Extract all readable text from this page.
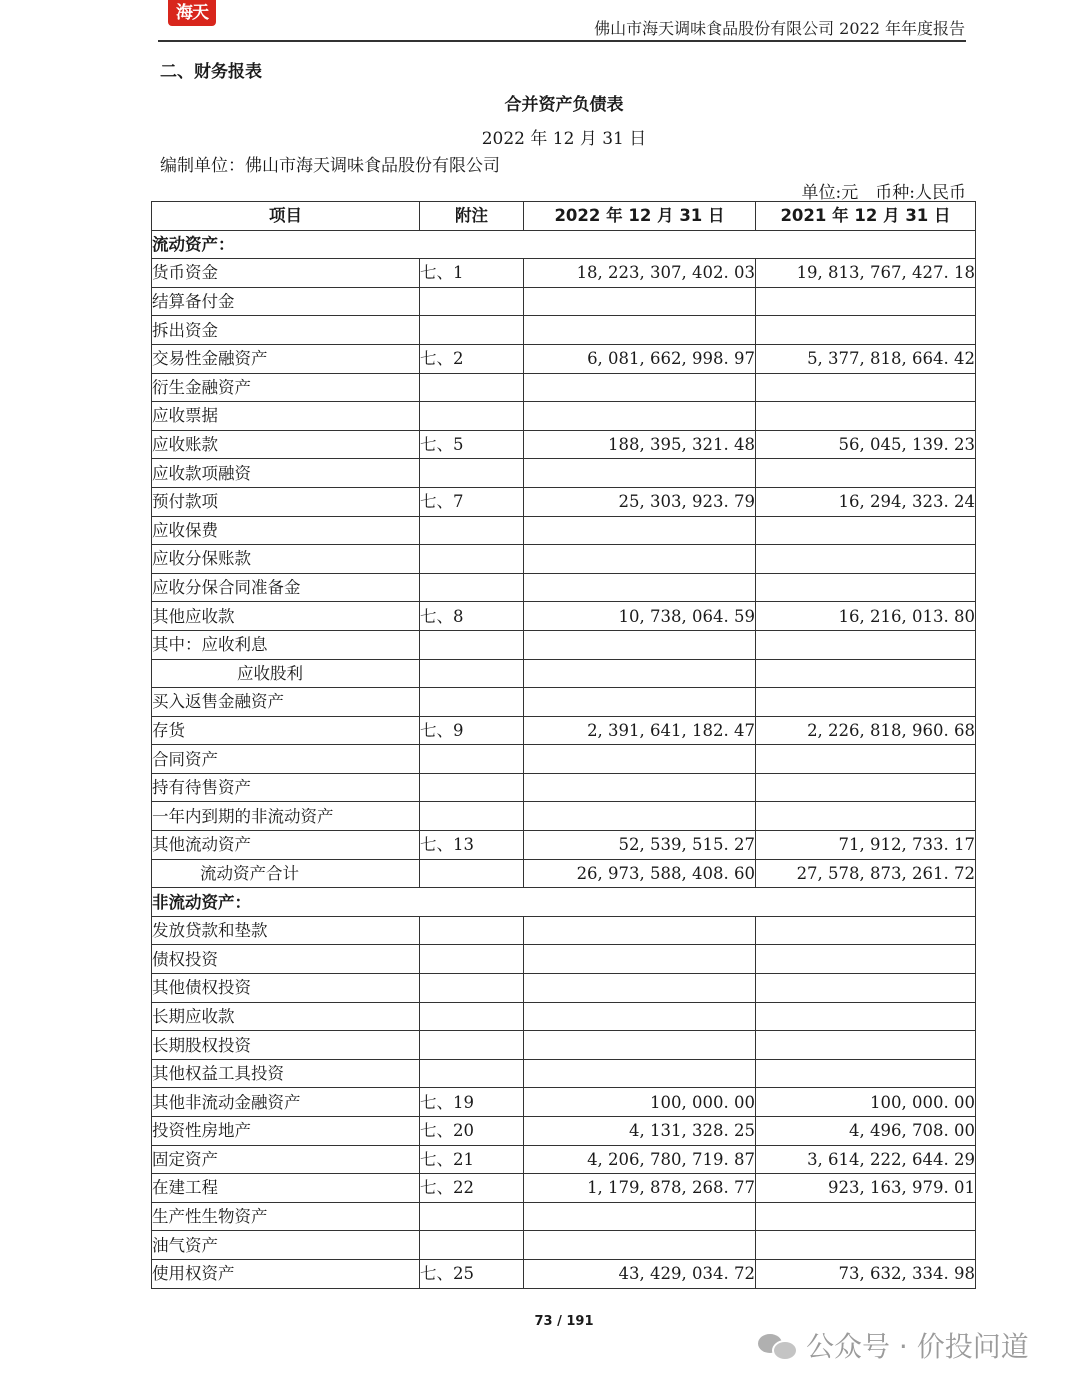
海天
佛山市海天调味食品股份有限公司 2022 年年度报告
二、财务报表
合并资产负债表
2022 年 12 月 31 日
编制单位：佛山市海天调味食品股份有限公司
单位:元　币种:人民币
项目	附注	2022 年 12 月 31 日	2021 年 12 月 31 日
流动资产：			
货币资金	七、1	18, 223, 307, 402. 03	19, 813, 767, 427. 18
结算备付金			
拆出资金			
交易性金融资产	七、2	6, 081, 662, 998. 97	5, 377, 818, 664. 42
衍生金融资产			
应收票据			
应收账款	七、5	188, 395, 321. 48	56, 045, 139. 23
应收款项融资			
预付款项	七、7	25, 303, 923. 79	16, 294, 323. 24
应收保费			
应收分保账款			
应收分保合同准备金			
其他应收款	七、8	10, 738, 064. 59	16, 216, 013. 80
其中：应收利息			
应收股利			
买入返售金融资产			
存货	七、9	2, 391, 641, 182. 47	2, 226, 818, 960. 68
合同资产			
持有待售资产			
一年内到期的非流动资产			
其他流动资产	七、13	52, 539, 515. 27	71, 912, 733. 17
流动资产合计		26, 973, 588, 408. 60	27, 578, 873, 261. 72
非流动资产：			
发放贷款和垫款			
债权投资			
其他债权投资			
长期应收款			
长期股权投资			
其他权益工具投资			
其他非流动金融资产	七、19	100, 000. 00	100, 000. 00
投资性房地产	七、20	4, 131, 328. 25	4, 496, 708. 00
固定资产	七、21	4, 206, 780, 719. 87	3, 614, 222, 644. 29
在建工程	七、22	1, 179, 878, 268. 77	923, 163, 979. 01
生产性生物资产			
油气资产			
使用权资产	七、25	43, 429, 034. 72	73, 632, 334. 98
73 / 191
公众号 · 价投问道
